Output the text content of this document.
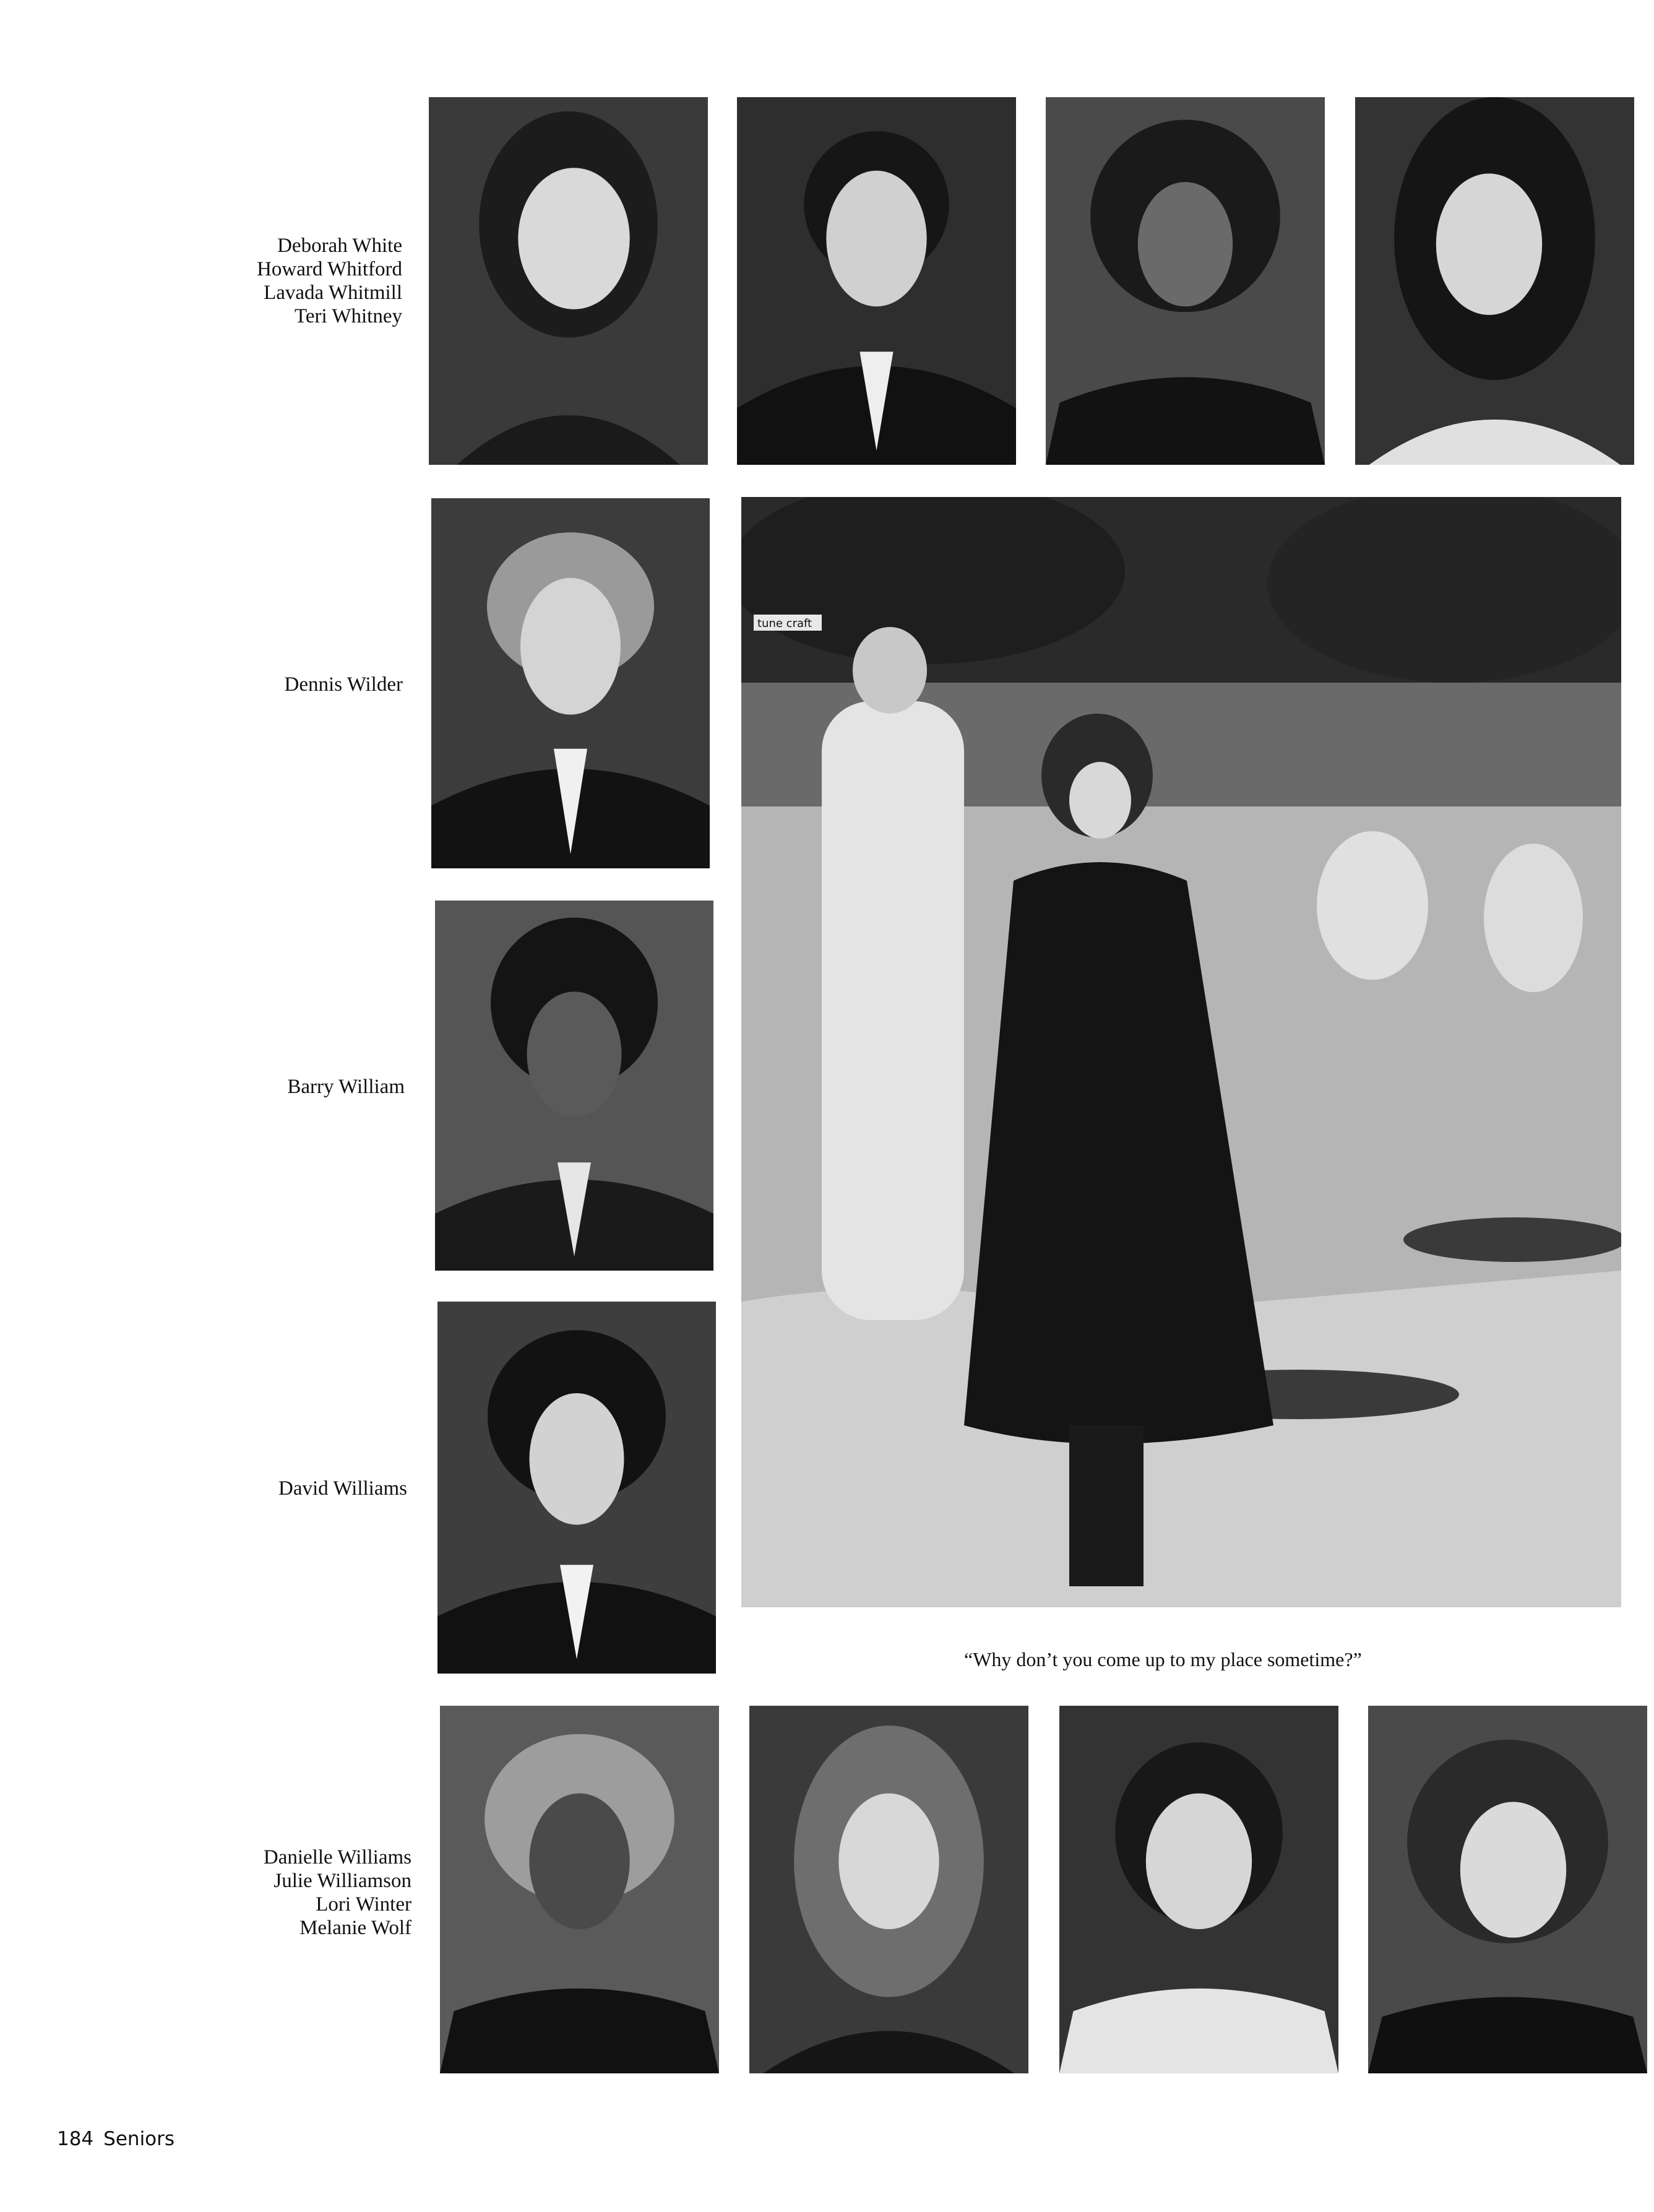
Deborah White
Howard Whitford
Lavada Whitmill
Teri Whitney
Dennis Wilder
Barry William
David Williams
tune craft
“Why don’t you come up to my place sometime?”
Danielle Williams
Julie Williamson
Lori Winter
Melanie Wolf
184 Seniors
